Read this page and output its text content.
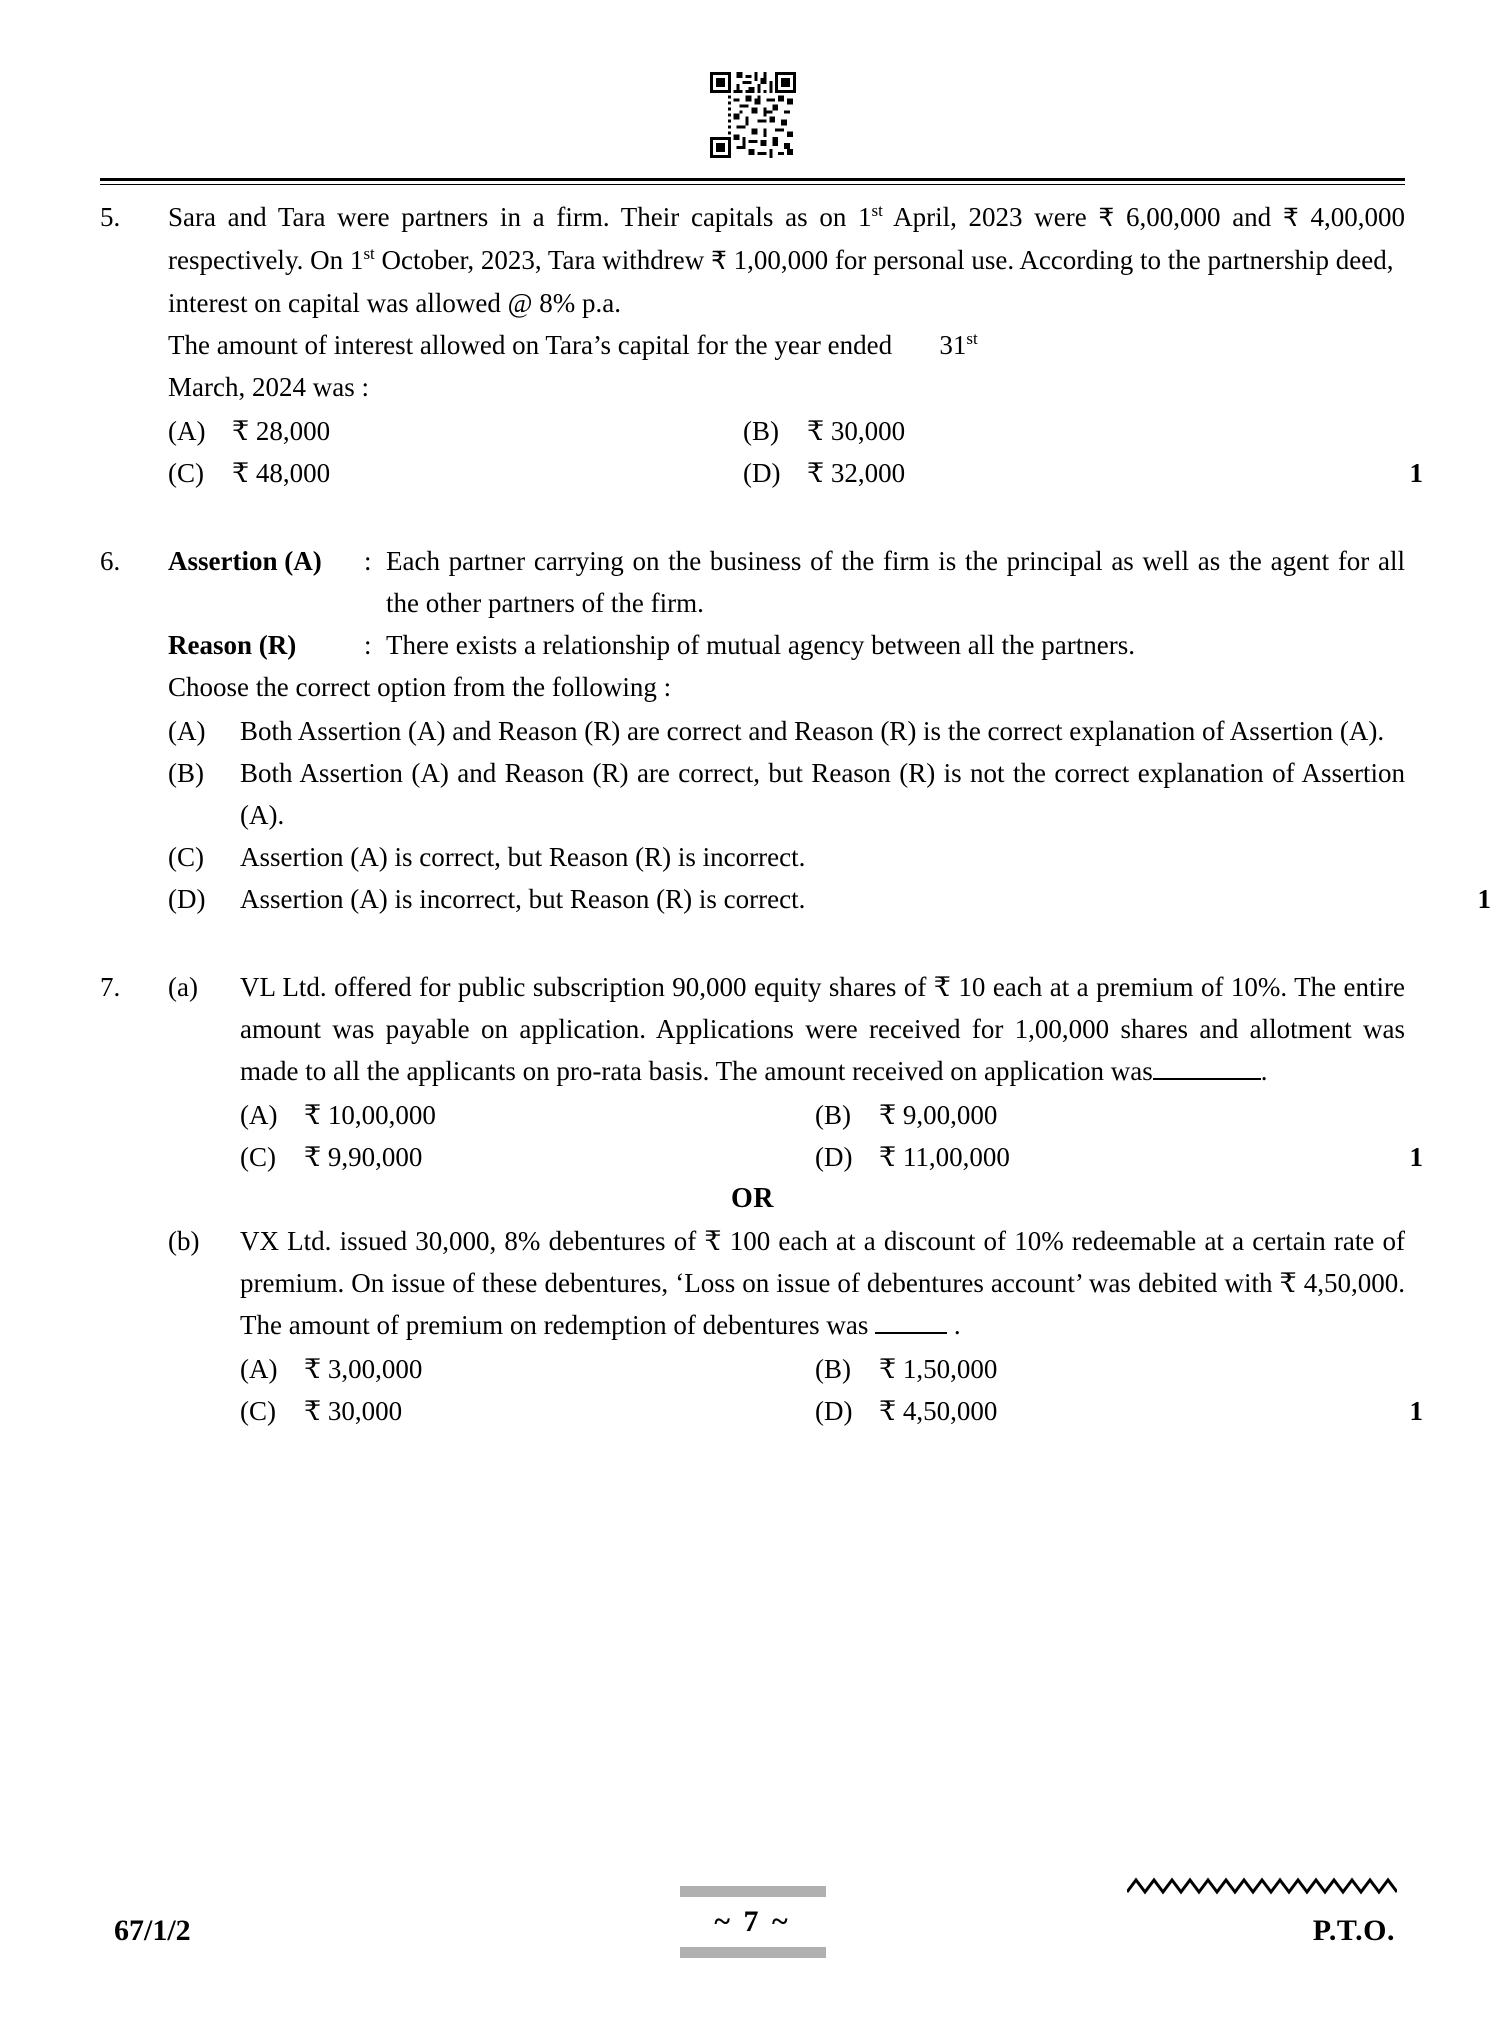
5.	Sara and Tara were partners in a firm. Their capitals as on 1st April, 2023 were ₹ 6,00,000 and ₹ 4,00,000 respectively. On 1st October, 2023, Tara withdrew ₹ 1,00,000 for personal use. According to the partnership deed,
interest on capital was allowed @ 8% p.a.
The amount of interest allowed on Tara’s capital for the year ended       31st
March, 2024 was :
(A) ₹ 28,000	(B)	₹ 30,000
(C)	₹ 48,000	(D) ₹ 32,000	1
6.	Assertion (A)	: Each partner carrying on the business of the firm is the principal as well as the agent for all the other partners of the firm.
Reason (R)	: There exists a relationship of mutual agency between all the partners.
Choose the correct option from the following :
(A)	Both Assertion (A) and Reason (R) are correct and Reason (R) is the correct explanation of Assertion (A).
(B)	Both Assertion (A) and Reason (R) are correct, but Reason (R) is not the correct explanation of Assertion (A).
(C)	Assertion (A) is correct, but Reason (R) is incorrect.
(D)	Assertion (A) is incorrect, but Reason (R) is correct.	1
7.	(a)	VL Ltd. offered for public subscription 90,000 equity shares of ₹ 10 each at a premium of 10%. The entire amount was payable on application. Applications were received for 1,00,000 shares and allotment was made to all the applicants on pro-rata basis. The amount received on application was	.
(A) ₹ 10,00,000	(B)	₹ 9,00,000
(C)	₹ 9,90,000	(D) ₹ 11,00,000	1
OR
(b)	VX Ltd. issued 30,000, 8% debentures of ₹ 100 each at a discount of 10% redeemable at a certain rate of premium. On issue of these debentures, ‘Loss on issue of debentures account’ was debited with ₹ 4,50,000. The amount of premium on redemption of debentures was	.
(A) ₹ 3,00,000	(B)	₹ 1,50,000
(C)	₹ 30,000	(D) ₹ 4,50,000	1
67/1/2	~ 7 ~	P.T.O.
